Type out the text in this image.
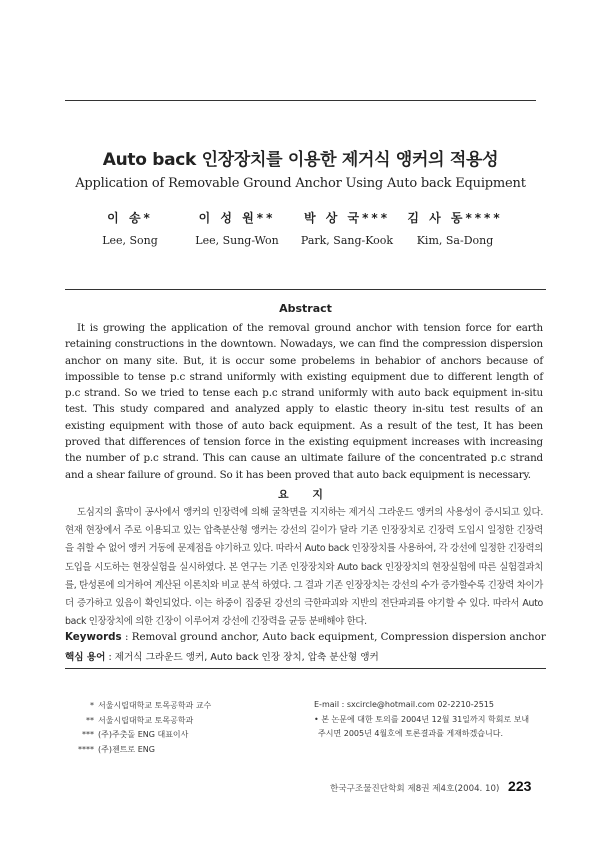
Auto back 인장장치를 이용한 제거식 앵커의 적용성
Application of Removable Ground Anchor Using Auto back Equipment
이 송*
Lee, Song
이 성 원**
Lee, Sung-Won
박 상 국***
Park, Sang-Kook
김 사 동****
Kim, Sa-Dong
Abstract
It is growing the application of the removal ground anchor with tension force for earth retaining constructions in the downtown. Nowadays, we can find the compression dispersion anchor on many site. But, it is occur some probelems in behabior of anchors because of impossible to tense p.c strand uniformly with existing equipment due to different length of p.c strand. So we tried to tense each p.c strand uniformly with auto back equipment in-situ test. This study compared and analyzed apply to elastic theory in-situ test results of an existing equipment with those of auto back equipment. As a result of the test, It has been proved that differences of tension force in the existing equipment increases with increasing the number of p.c strand. This can cause an ultimate failure of the concentrated p.c strand and a shear failure of ground. So it has been proved that auto back equipment is necessary.
요 지
도심지의 흙막이 공사에서 앵커의 인장력에 의해 굴착면을 지지하는 제거식 그라운드 앵커의 사용성이 증시되고 있다. 현재 현장에서 주로 이용되고 있는 압축분산형 앵커는 강선의 길이가 달라 기존 인장장치로 긴장력 도입시 일정한 긴장력을 취할 수 없어 앵커 거동에 문제점을 야기하고 있다. 따라서 Auto back 인장장치를 사용하여, 각 강선에 일정한 긴장력의 도입을 시도하는 현장실험을 실시하였다. 본 연구는 기존 인장장치와 Auto back 인장장치의 현장실험에 따른 실험결과치를, 탄성론에 의거하여 계산된 이론치와 비교 분석 하였다. 그 결과 기존 인장장치는 강선의 수가 증가할수록 긴장력 차이가 더 증가하고 있음이 확인되었다. 이는 하중이 집중된 강선의 극한파괴와 지반의 전단파괴를 야기할 수 있다. 따라서 Auto back 인장장치에 의한 긴장이 이루어져 강선에 긴장력을 균등 분배해야 한다.
Keywords : Removal ground anchor, Auto back equipment, Compression dispersion anchor
핵심 용어 : 제거식 그라운드 앵커, Auto back 인장 장치, 압축 분산형 앵커
* 서울시립대학교 토목공학과 교수
** 서울시립대학교 토목공학과
*** (주)주춧돌 ENG 대표이사
**** (주)젠트로 ENG
E-mail : sxcircle@hotmail.com 02-2210-2515
• 본 논문에 대한 토의를 2004년 12월 31일까지 학회로 보내
주시면 2005년 4월호에 토론결과를 게재하겠습니다.
한국구조물진단학회 제8권 제4호(2004. 10) 223
